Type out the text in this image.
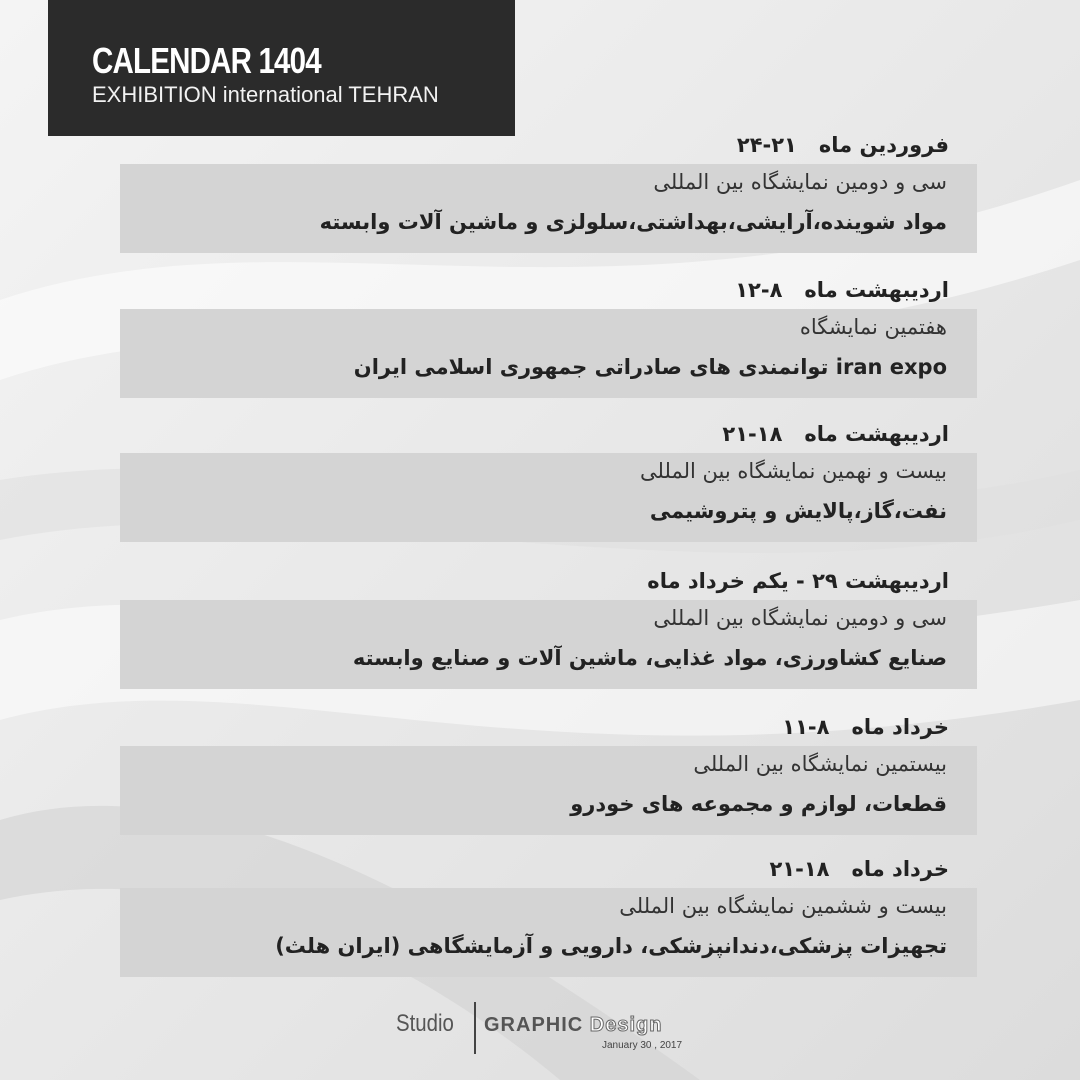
CALENDAR 1404
EXHIBITION international TEHRAN
فروردین ماه۲۱-۲۴
سی و دومین نمایشگاه بین المللی
مواد شوینده،آرایشی،بهداشتی،سلولزی و ماشین آلات وابسته
اردیبهشت ماه۸-۱۲
هفتمین نمایشگاه
iran expo توانمندی های صادراتی جمهوری اسلامی ایران
اردیبهشت ماه۱۸-۲۱
بیست و نهمین نمایشگاه بین المللی
نفت،گاز،پالایش و پتروشیمی
اردیبهشت ۲۹ - یکم خرداد ماه
سی و دومین نمایشگاه بین المللی
صنایع کشاورزی، مواد غذایی، ماشین آلات و صنایع وابسته
خرداد ماه۸-۱۱
بیستمین نمایشگاه بین المللی
قطعات، لوازم و مجموعه های خودرو
خرداد ماه۱۸-۲۱
بیست و ششمین نمایشگاه بین المللی
تجهیزات پزشکی،دندانپزشکی، دارویی و آزمایشگاهی (ایران هلث)
Studio GRAPHIC Design
January 30 , 2017
